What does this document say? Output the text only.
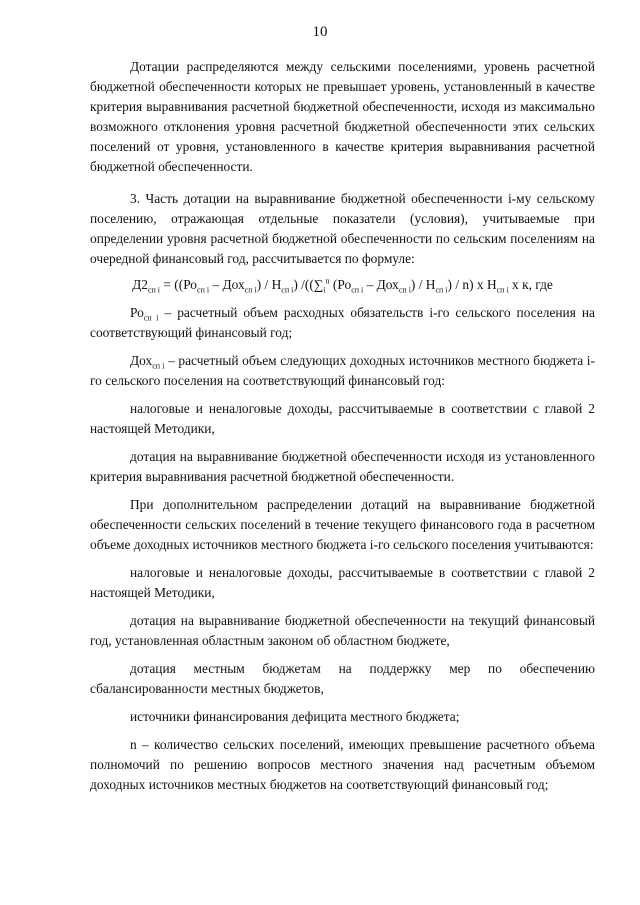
10

Дотации распределяются между сельскими поселениями, уровень расчетной бюджетной обеспеченности которых не превышает уровень, установленный в качестве критерия выравнивания расчетной бюджетной обеспеченности, исходя из максимально возможного отклонения уровня расчетной бюджетной обеспеченности этих сельских поселений от уровня, установленного в качестве критерия выравнивания расчетной бюджетной обеспеченности.

3. Часть дотации на выравнивание бюджетной обеспеченности i-му сельскому поселению, отражающая отдельные показатели (условия), учитываемые при определении уровня расчетной бюджетной обеспеченности по сельским поселениям на очередной финансовый год, рассчитывается по формуле:

$Д2_{сп i} = ((Ро_{сп i} - Дох_{сп i}) / Н_{сп i})$ $/((\sum_i^n$ $(Ро_{сп i} - Дох_{сп i}) / Н_{сп i}) / n$) х $Н_{сп i}$ х к, где

$Ро_{сп i}$ – расчетный объем расходных обязательств i-го сельского поселения на соответствующий финансовый год;

Дох$_{сп i}$ – расчетный объем следующих доходных источников местного бюджета i-го сельского поселения на соответствующий финансовый год:

налоговые и неналоговые доходы, рассчитываемые в соответствии с главой 2 настоящей Методики,

дотация на выравнивание бюджетной обеспеченности исходя из установленного критерия выравнивания расчетной бюджетной обеспеченности.

При дополнительном распределении дотаций на выравнивание бюджетной обеспеченности сельских поселений в течение текущего финансового года в расчетном объеме доходных источников местного бюджета i-го сельского поселения учитываются:

налоговые и неналоговые доходы, рассчитываемые в соответствии с главой 2 настоящей Методики,

дотация на выравнивание бюджетной обеспеченности на текущий финансовый год, установленная областным законом об областном бюджете,

дотация местным бюджетам на поддержку мер по обеспечению сбалансированности местных бюджетов,

источники финансирования дефицита местного бюджета;

n – количество сельских поселений, имеющих превышение расчетного объема полномочий по решению вопросов местного значения над расчетным объемом доходных источников местных бюджетов на соответствующий финансовый год;
